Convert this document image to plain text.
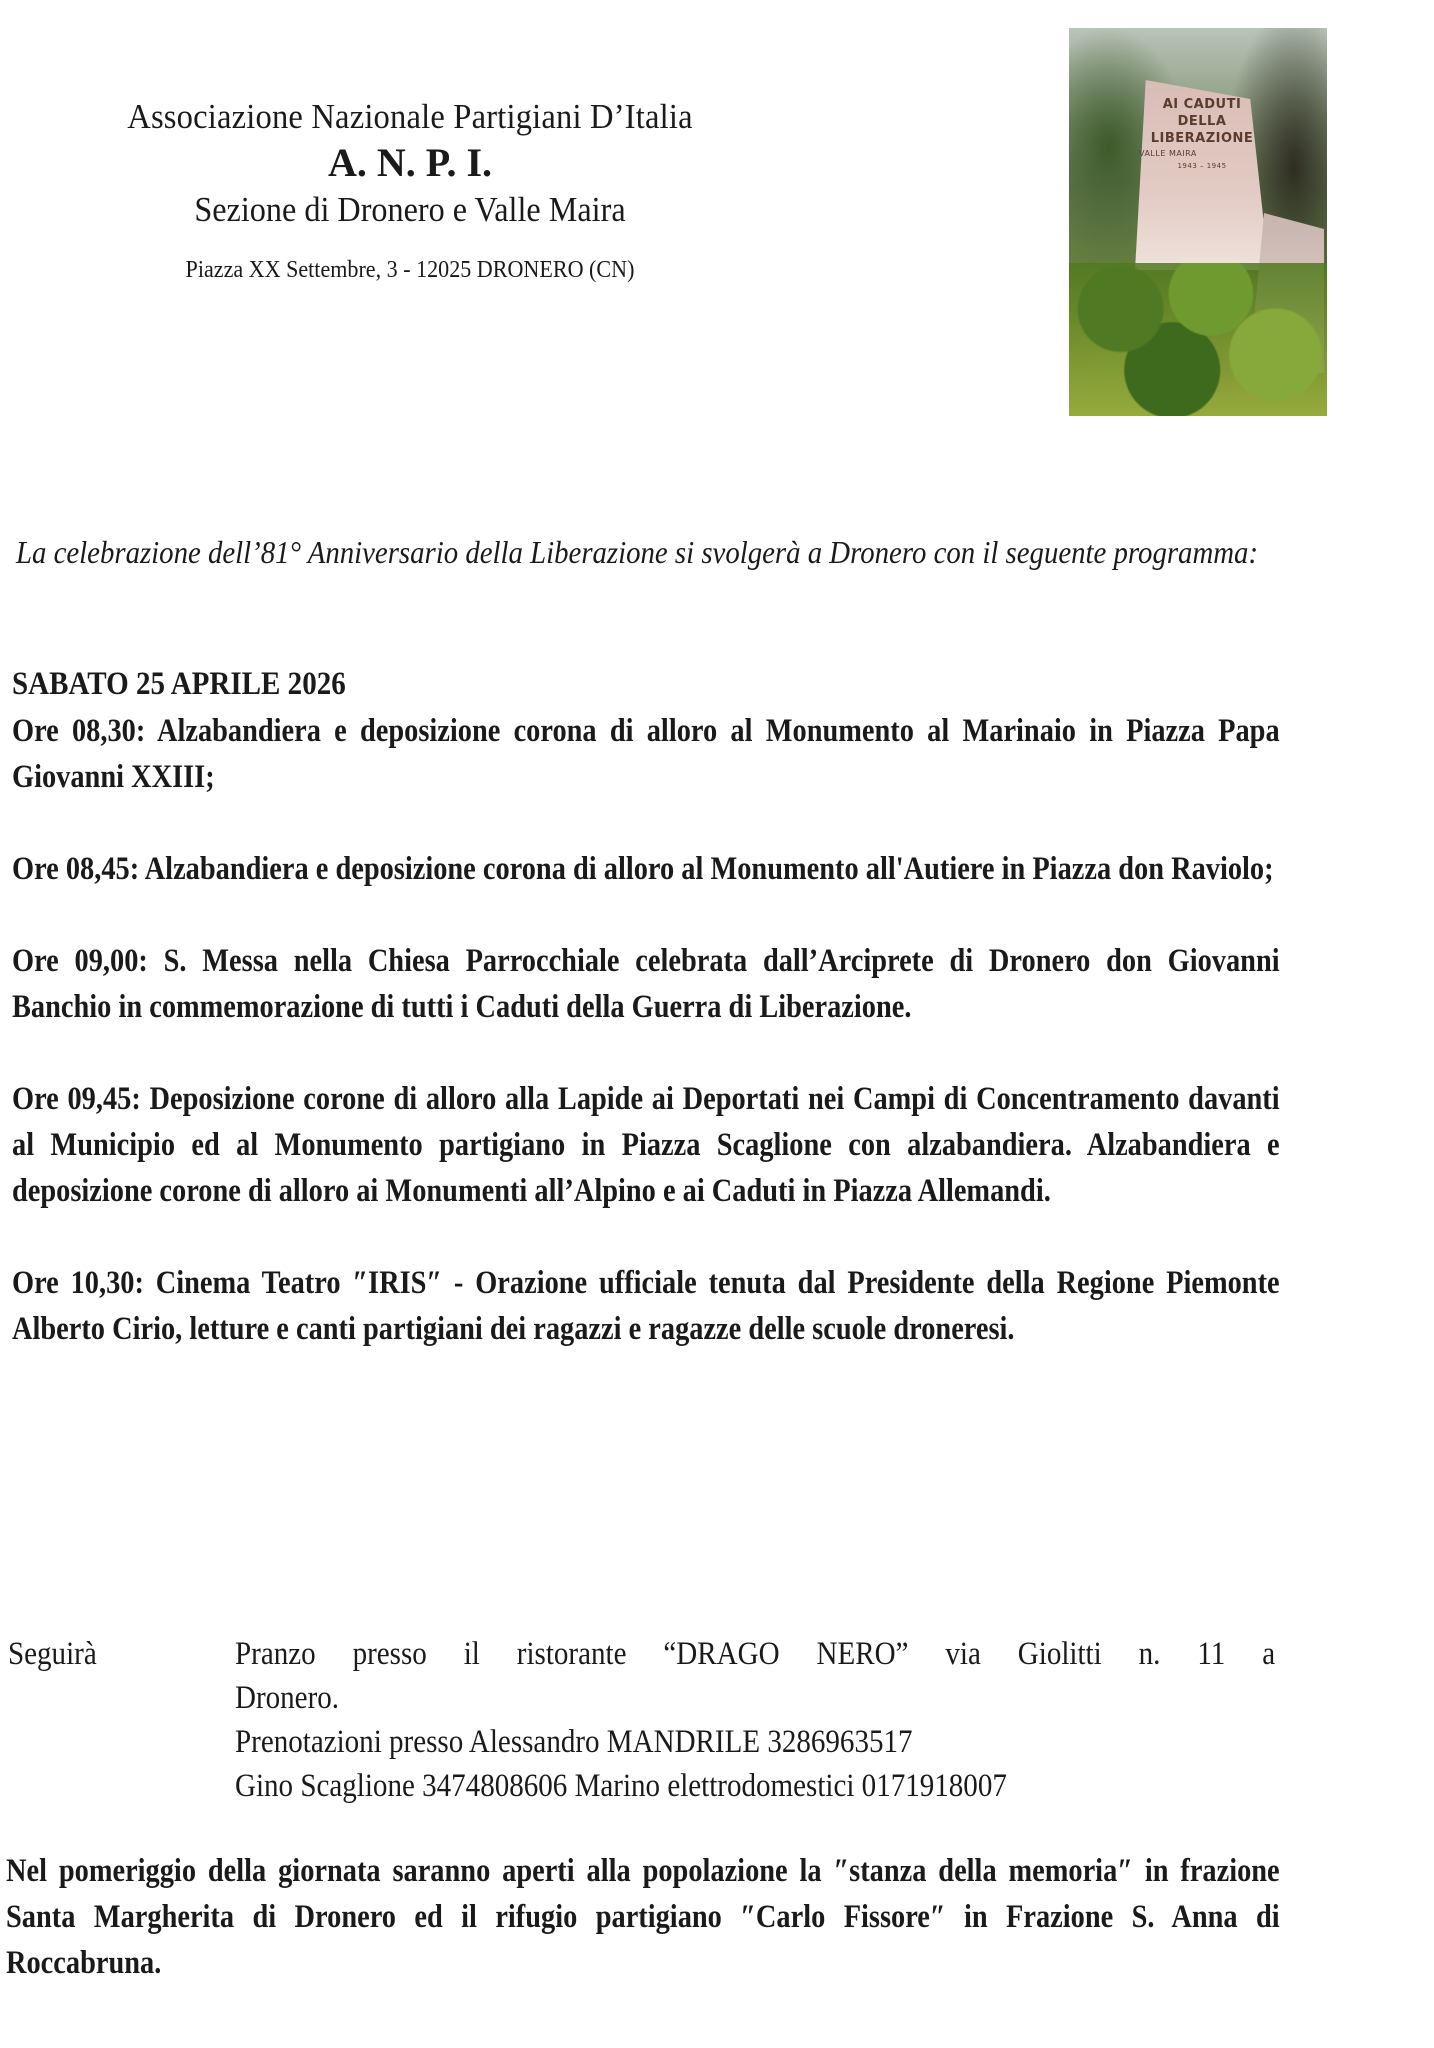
Associazione Nazionale Partigiani D’Italia

A. N. P. I.

Sezione di Dronero e Valle Maira

Piazza XX Settembre, 3 - 12025 DRONERO (CN)
AI CADUTI
DELLA
LIBERAZIONE
VALLE MAIRA
1943 – 1945
La celebrazione dell’81° Anniversario della Liberazione si svolgerà a Dronero con il seguente programma:

SABATO 25 APRILE 2026

Ore 08,30: Alzabandiera e deposizione corona di alloro al Monumento al Marinaio in Piazza Papa Giovanni XXIII;

Ore 08,45: Alzabandiera e deposizione corona di alloro al Monumento all'Autiere in Piazza don Raviolo;

Ore 09,00: S. Messa nella Chiesa Parrocchiale celebrata dall’Arciprete di Dronero don Giovanni Banchio in commemorazione di tutti i Caduti della Guerra di Liberazione.

Ore 09,45: Deposizione corone di alloro alla Lapide ai Deportati nei Campi di Concentramento davanti al Municipio ed al Monumento partigiano in Piazza Scaglione con alzabandiera. Alzabandiera e deposizione corone di alloro ai Monumenti all’Alpino e ai Caduti in Piazza Allemandi.

Ore 10,30: Cinema Teatro ″IRIS″ - Orazione ufficiale tenuta dal Presidente della Regione Piemonte Alberto Cirio, letture e canti partigiani dei ragazzi e ragazze delle scuole droneresi.

Seguirà	Pranzo presso il ristorante “DRAGO NERO” via Giolitti n. 11 a
Dronero.
Prenotazioni presso Alessandro MANDRILE 3286963517
Gino Scaglione 3474808606 Marino elettrodomestici 0171918007

Nel pomeriggio della giornata saranno aperti alla popolazione la ″stanza della memoria″ in frazione Santa Margherita di Dronero ed il rifugio partigiano ″Carlo Fissore″ in Frazione S. Anna di Roccabruna.
